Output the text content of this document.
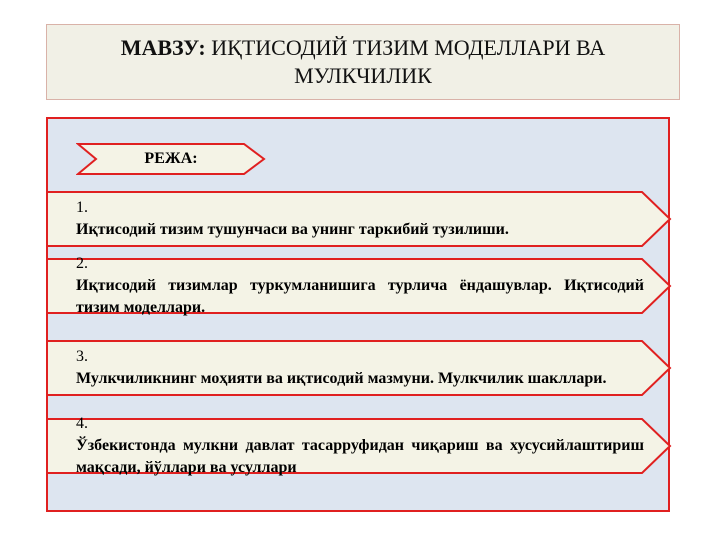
МАВЗУ: ИҚТИСОДИЙ ТИЗИМ МОДЕЛЛАРИ ВА МУЛКЧИЛИК
РЕЖА:
1.
Иқтисодий тизим тушунчаси ва унинг таркибий тузилиши.
2.
Иқтисодий тизимлар туркумланишига турлича ёндашувлар. Иқтисодий тизим моделлари.
3.
Мулкчиликнинг моҳияти ва иқтисодий мазмуни. Мулкчилик шакллари.
4.
Ўзбекистонда мулкни давлат тасарруфидан чиқариш ва хусусийлаштириш мақсади, йўллари ва усуллари
